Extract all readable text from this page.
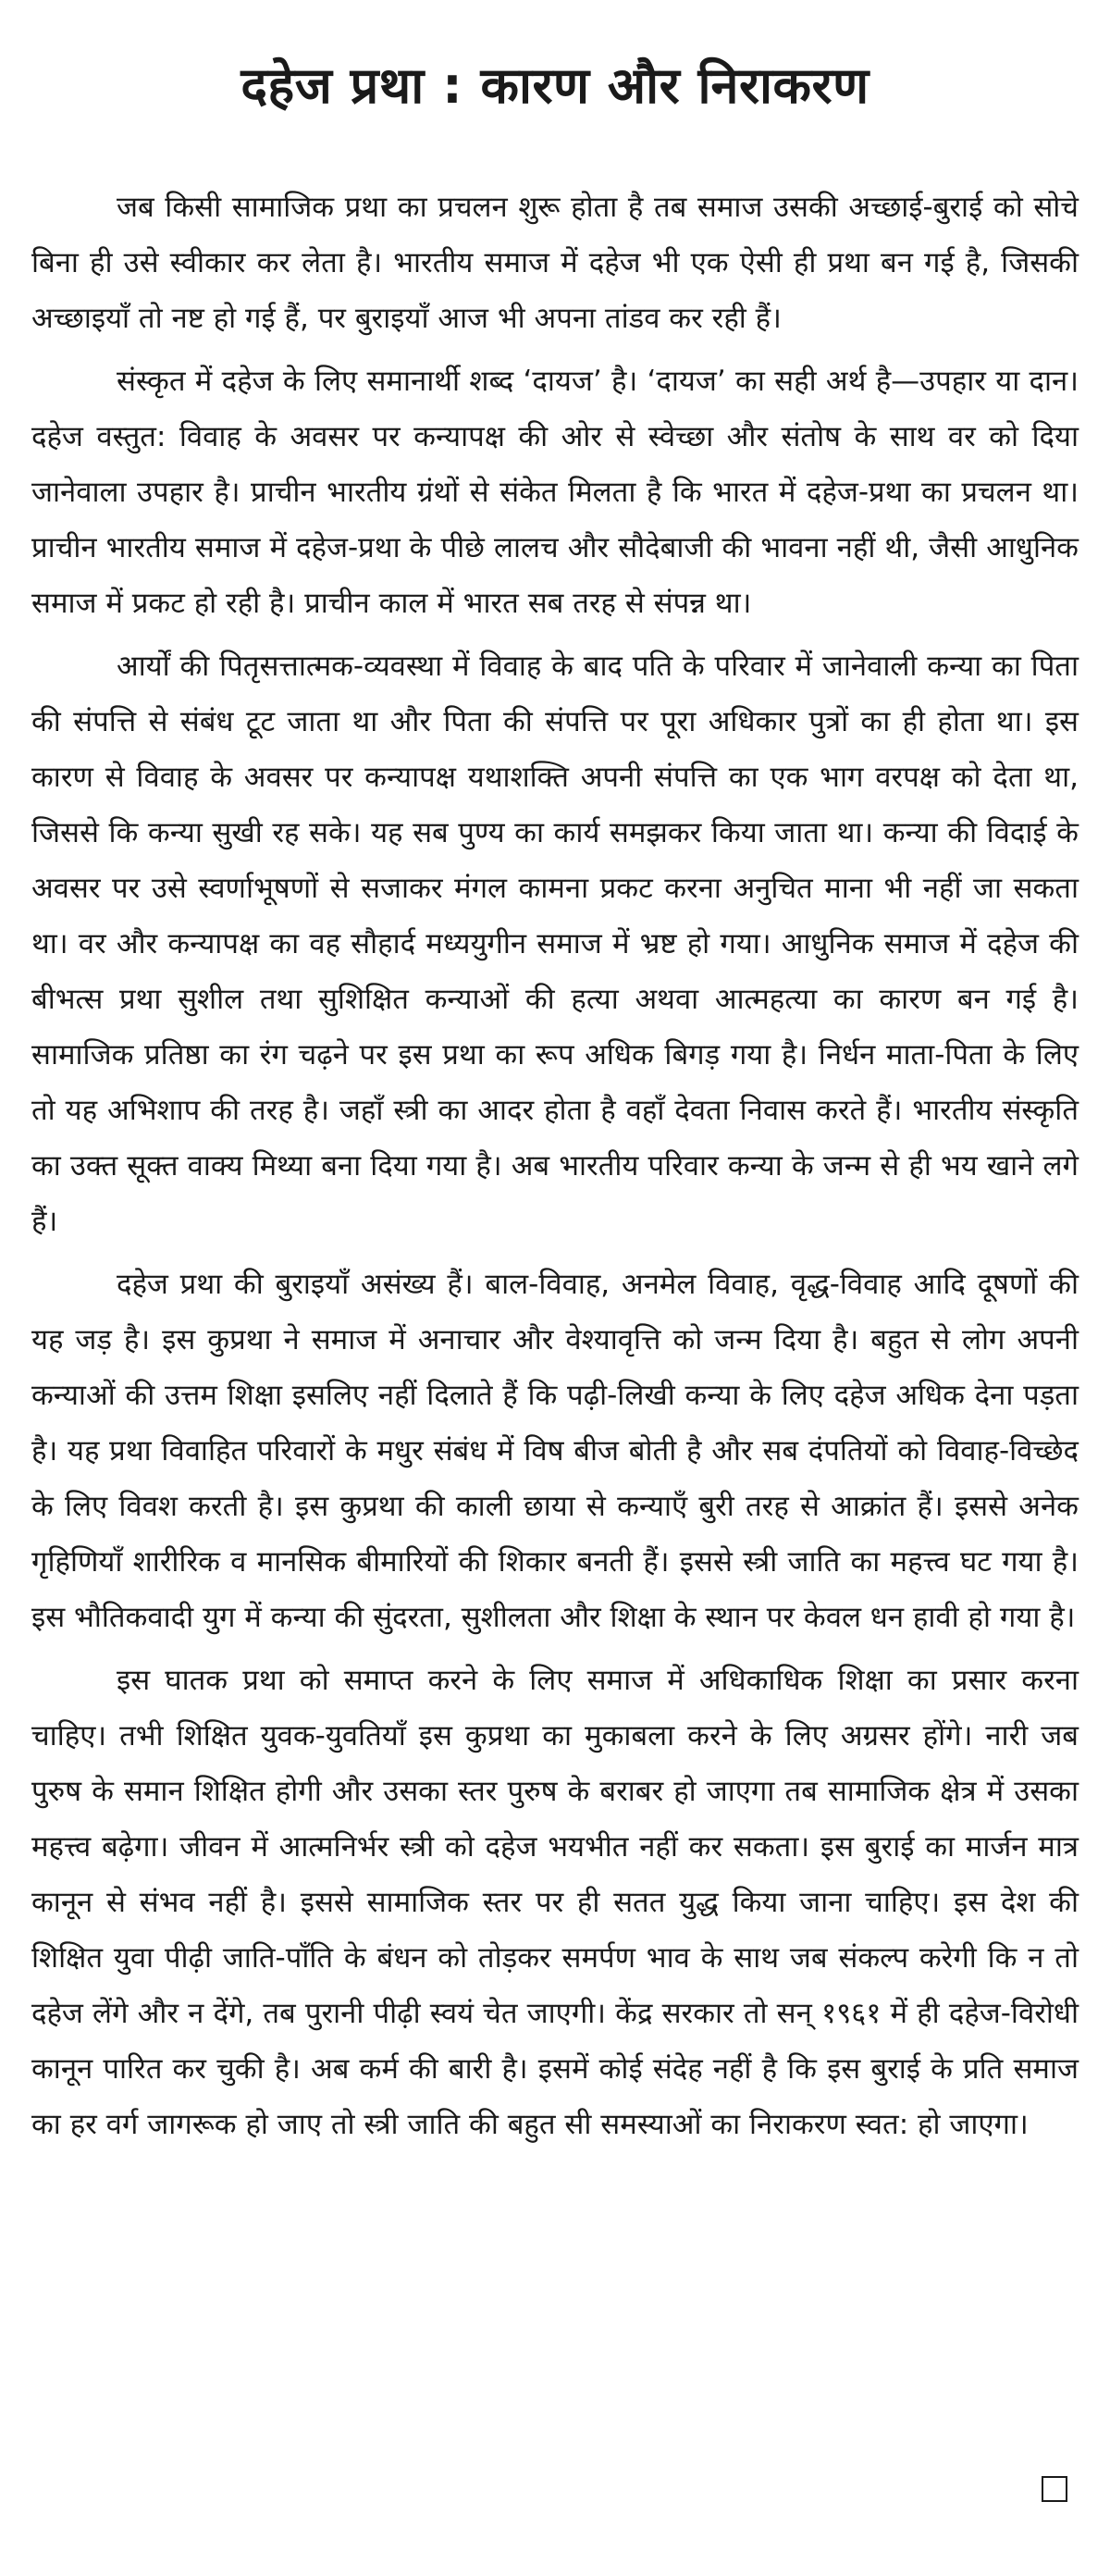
दहेज प्रथा : कारण और निराकरण

जब किसी सामाजिक प्रथा का प्रचलन शुरू होता है तब समाज उसकी अच्छाई-बुराई को सोचे बिना ही उसे स्वीकार कर लेता है। भारतीय समाज में दहेज भी एक ऐसी ही प्रथा बन गई है, जिसकी अच्छाइयाँ तो नष्ट हो गई हैं, पर बुराइयाँ आज भी अपना तांडव कर रही हैं।

संस्कृत में दहेज के लिए समानार्थी शब्द ‘दायज’ है। ‘दायज’ का सही अर्थ है—उपहार या दान। दहेज वस्तुत: विवाह के अवसर पर कन्यापक्ष की ओर से स्वेच्छा और संतोष के साथ वर को दिया जानेवाला उपहार है। प्राचीन भारतीय ग्रंथों से संकेत मिलता है कि भारत में दहेज-प्रथा का प्रचलन था। प्राचीन भारतीय समाज में दहेज-प्रथा के पीछे लालच और सौदेबाजी की भावना नहीं थी, जैसी आधुनिक समाज में प्रकट हो रही है। प्राचीन काल में भारत सब तरह से संपन्न था।

आर्यों की पितृसत्तात्मक-व्यवस्था में विवाह के बाद पति के परिवार में जानेवाली कन्या का पिता की संपत्ति से संबंध टूट जाता था और पिता की संपत्ति पर पूरा अधिकार पुत्रों का ही होता था। इस कारण से विवाह के अवसर पर कन्यापक्ष यथाशक्ति अपनी संपत्ति का एक भाग वरपक्ष को देता था, जिससे कि कन्या सुखी रह सके। यह सब पुण्य का कार्य समझकर किया जाता था। कन्या की विदाई के अवसर पर उसे स्वर्णाभूषणों से सजाकर मंगल कामना प्रकट करना अनुचित माना भी नहीं जा सकता था। वर और कन्यापक्ष का वह सौहार्द मध्ययुगीन समाज में भ्रष्ट हो गया। आधुनिक समाज में दहेज की बीभत्स प्रथा सुशील तथा सुशिक्षित कन्याओं की हत्या अथवा आत्महत्या का कारण बन गई है। सामाजिक प्रतिष्ठा का रंग चढ़ने पर इस प्रथा का रूप अधिक बिगड़ गया है। निर्धन माता-पिता के लिए तो यह अभिशाप की तरह है। जहाँ स्त्री का आदर होता है वहाँ देवता निवास करते हैं। भारतीय संस्कृति का उक्त सूक्त वाक्य मिथ्या बना दिया गया है। अब भारतीय परिवार कन्या के जन्म से ही भय खाने लगे हैं।

दहेज प्रथा की बुराइयाँ असंख्य हैं। बाल-विवाह, अनमेल विवाह, वृद्ध-विवाह आदि दूषणों की यह जड़ है। इस कुप्रथा ने समाज में अनाचार और वेश्यावृत्ति को जन्म दिया है। बहुत से लोग अपनी कन्याओं की उत्तम शिक्षा इसलिए नहीं दिलाते हैं कि पढ़ी-लिखी कन्या के लिए दहेज अधिक देना पड़ता है। यह प्रथा विवाहित परिवारों के मधुर संबंध में विष बीज बोती है और सब दंपतियों को विवाह-विच्छेद के लिए विवश करती है। इस कुप्रथा की काली छाया से कन्याएँ बुरी तरह से आक्रांत हैं। इससे अनेक गृहिणियाँ शारीरिक व मानसिक बीमारियों की शिकार बनती हैं। इससे स्त्री जाति का महत्त्व घट गया है। इस भौतिकवादी युग में कन्या की सुंदरता, सुशीलता और शिक्षा के स्थान पर केवल धन हावी हो गया है।

इस घातक प्रथा को समाप्त करने के लिए समाज में अधिकाधिक शिक्षा का प्रसार करना चाहिए। तभी शिक्षित युवक-युवतियाँ इस कुप्रथा का मुकाबला करने के लिए अग्रसर होंगे। नारी जब पुरुष के समान शिक्षित होगी और उसका स्तर पुरुष के बराबर हो जाएगा तब सामाजिक क्षेत्र में उसका महत्त्व बढ़ेगा। जीवन में आत्मनिर्भर स्त्री को दहेज भयभीत नहीं कर सकता। इस बुराई का मार्जन मात्र कानून से संभव नहीं है। इससे सामाजिक स्तर पर ही सतत युद्ध किया जाना चाहिए। इस देश की शिक्षित युवा पीढ़ी जाति-पाँति के बंधन को तोड़कर समर्पण भाव के साथ जब संकल्प करेगी कि न तो दहेज लेंगे और न देंगे, तब पुरानी पीढ़ी स्वयं चेत जाएगी। केंद्र सरकार तो सन् १९६१ में ही दहेज-विरोधी कानून पारित कर चुकी है। अब कर्म की बारी है। इसमें कोई संदेह नहीं है कि इस बुराई के प्रति समाज का हर वर्ग जागरूक हो जाए तो स्त्री जाति की बहुत सी समस्याओं का निराकरण स्वत: हो जाएगा।
